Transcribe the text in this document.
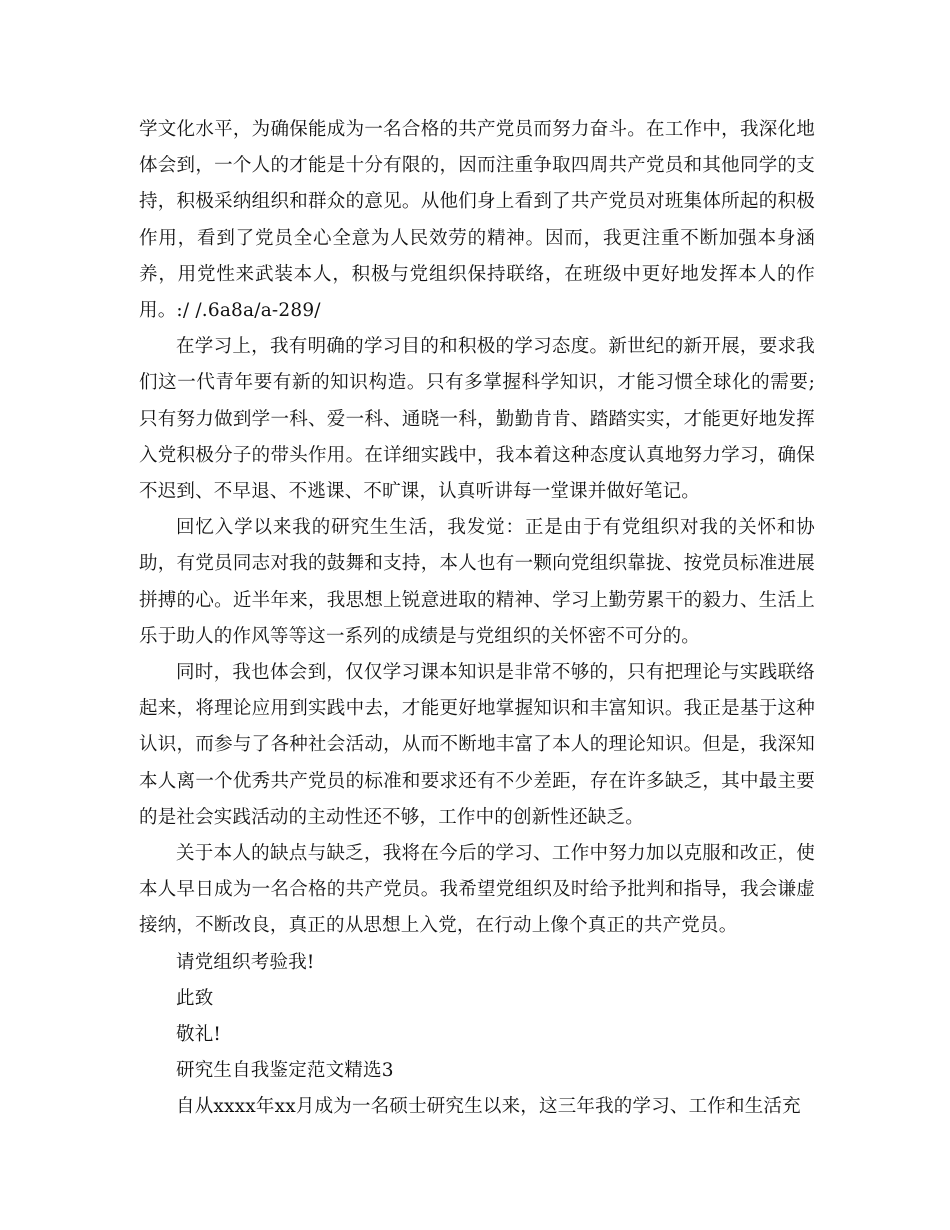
学文化水平，为确保能成为一名合格的共产党员而努力奋斗。在工作中，我深化地体会到，一个人的才能是十分有限的，因而注重争取四周共产党员和其他同学的支持，积极采纳组织和群众的意见。从他们身上看到了共产党员对班集体所起的积极作用，看到了党员全心全意为人民效劳的精神。因而，我更注重不断加强本身涵养，用党性来武装本人，积极与党组织保持联络，在班级中更好地发挥本人的作用。:/ /.6a8a/a-289/

在学习上，我有明确的学习目的和积极的学习态度。新世纪的新开展，要求我们这一代青年要有新的知识构造。只有多掌握科学知识，才能习惯全球化的需要;只有努力做到学一科、爱一科、通晓一科，勤勤肯肯、踏踏实实，才能更好地发挥入党积极分子的带头作用。在详细实践中，我本着这种态度认真地努力学习，确保不迟到、不早退、不逃课、不旷课，认真听讲每一堂课并做好笔记。

回忆入学以来我的研究生生活，我发觉：正是由于有党组织对我的关怀和协助，有党员同志对我的鼓舞和支持，本人也有一颗向党组织靠拢、按党员标准进展拼搏的心。近半年来，我思想上锐意进取的精神、学习上勤劳累干的毅力、生活上乐于助人的作风等等这一系列的成绩是与党组织的关怀密不可分的。

同时，我也体会到，仅仅学习课本知识是非常不够的，只有把理论与实践联络起来，将理论应用到实践中去，才能更好地掌握知识和丰富知识。我正是基于这种认识，而参与了各种社会活动，从而不断地丰富了本人的理论知识。但是，我深知本人离一个优秀共产党员的标准和要求还有不少差距，存在许多缺乏，其中最主要的是社会实践活动的主动性还不够，工作中的创新性还缺乏。

关于本人的缺点与缺乏，我将在今后的学习、工作中努力加以克服和改正，使本人早日成为一名合格的共产党员。我希望党组织及时给予批判和指导，我会谦虚接纳，不断改良，真正的从思想上入党，在行动上像个真正的共产党员。

请党组织考验我!

此致

敬礼!

研究生自我鉴定范文精选3

自从xxxx年xx月成为一名硕士研究生以来，这三年我的学习、工作和生活充
